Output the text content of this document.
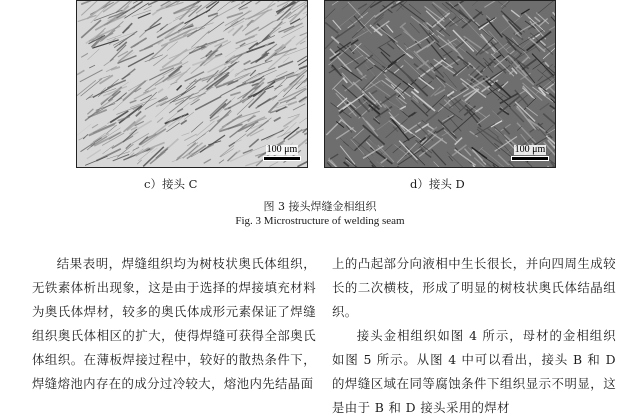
100 μm	100 μm
c）接头 C	d）接头 D
图 3 接头焊缝金相组织
Fig. 3 Microstructure of welding seam

结果表明，焊缝组织均为树枝状奥氏体组织，无铁素体析出现象，这是由于选择的焊接填充材料为奥氏体焊材，较多的奥氏体成形元素保证了焊缝组织奥氏体相区的扩大，使得焊缝可获得全部奥氏体组织。在薄板焊接过程中，较好的散热条件下，焊缝熔池内存在的成分过冷较大，熔池内先结晶面

上的凸起部分向液相中生长很长，并向四周生成较长的二次横枝，形成了明显的树枝状奥氏体结晶组织。

接头金相组织如图 4 所示，母材的金相组织如图 5 所示。从图 4 中可以看出，接头 B 和 D 的焊缝区域在同等腐蚀条件下组织显示不明显，这是由于 B 和 D 接头采用的焊材
